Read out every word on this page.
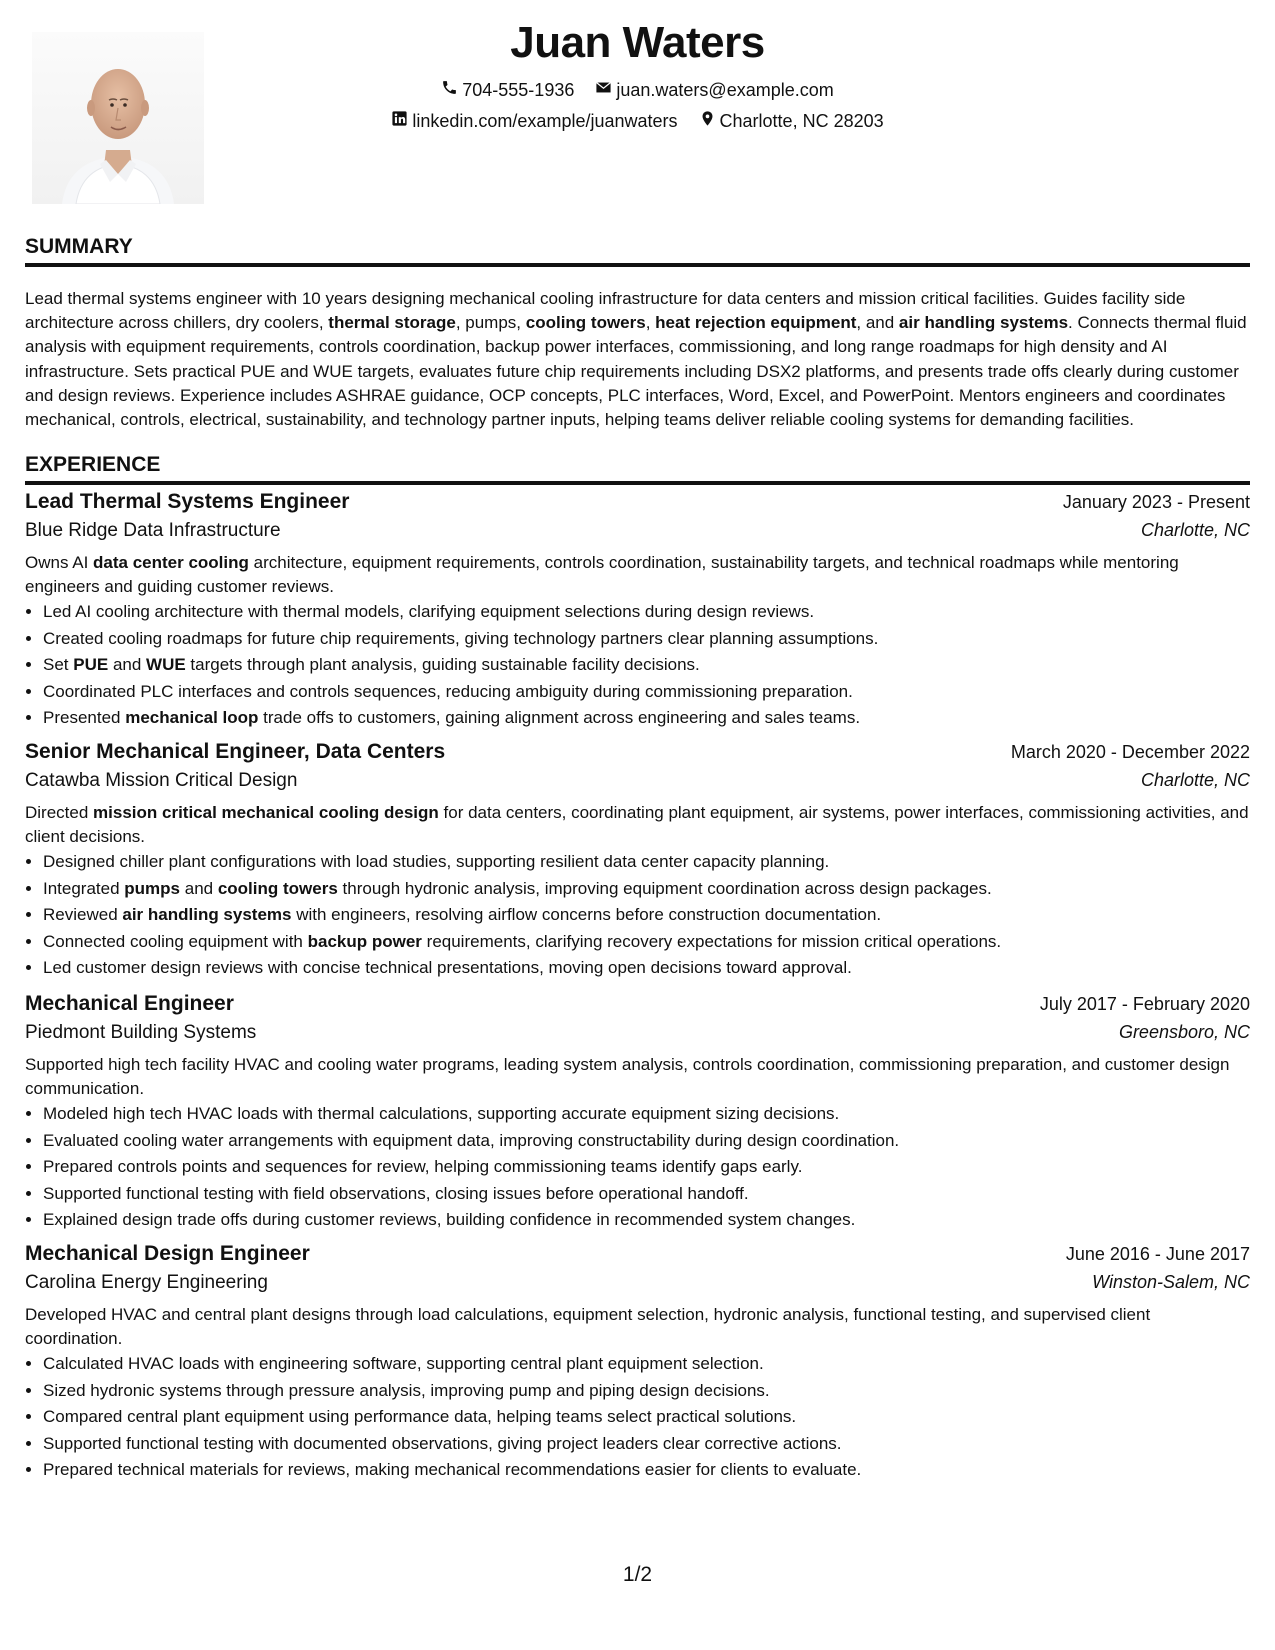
Juan Waters
704-555-1936
juan.waters@example.com
linkedin.com/example/juanwaters
Charlotte, NC 28203
SUMMARY

Lead thermal systems engineer with 10 years designing mechanical cooling infrastructure for data centers and mission critical facilities. Guides facility side architecture across chillers, dry coolers, thermal storage, pumps, cooling towers, heat rejection equipment, and air handling systems. Connects thermal fluid analysis with equipment requirements, controls coordination, backup power interfaces, commissioning, and long range roadmaps for high density and AI infrastructure. Sets practical PUE and WUE targets, evaluates future chip requirements including DSX2 platforms, and presents trade offs clearly during customer and design reviews. Experience includes ASHRAE guidance, OCP concepts, PLC interfaces, Word, Excel, and PowerPoint. Mentors engineers and coordinates mechanical, controls, electrical, sustainability, and technology partner inputs, helping teams deliver reliable cooling systems for demanding facilities.

EXPERIENCE
Lead Thermal Systems Engineer	January 2023 - Present
Blue Ridge Data Infrastructure	Charlotte, NC
Owns AI data center cooling architecture, equipment requirements, controls coordination, sustainability targets, and technical roadmaps while mentoring engineers and guiding customer reviews.
• Led AI cooling architecture with thermal models, clarifying equipment selections during design reviews.
• Created cooling roadmaps for future chip requirements, giving technology partners clear planning assumptions.
• Set PUE and WUE targets through plant analysis, guiding sustainable facility decisions.
• Coordinated PLC interfaces and controls sequences, reducing ambiguity during commissioning preparation.
• Presented mechanical loop trade offs to customers, gaining alignment across engineering and sales teams.
Senior Mechanical Engineer, Data Centers	March 2020 - December 2022
Catawba Mission Critical Design	Charlotte, NC
Directed mission critical mechanical cooling design for data centers, coordinating plant equipment, air systems, power interfaces, commissioning activities, and client decisions.
• Designed chiller plant configurations with load studies, supporting resilient data center capacity planning.
• Integrated pumps and cooling towers through hydronic analysis, improving equipment coordination across design packages.
• Reviewed air handling systems with engineers, resolving airflow concerns before construction documentation.
• Connected cooling equipment with backup power requirements, clarifying recovery expectations for mission critical operations.
• Led customer design reviews with concise technical presentations, moving open decisions toward approval.
Mechanical Engineer	July 2017 - February 2020
Piedmont Building Systems	Greensboro, NC
Supported high tech facility HVAC and cooling water programs, leading system analysis, controls coordination, commissioning preparation, and customer design communication.
• Modeled high tech HVAC loads with thermal calculations, supporting accurate equipment sizing decisions.
• Evaluated cooling water arrangements with equipment data, improving constructability during design coordination.
• Prepared controls points and sequences for review, helping commissioning teams identify gaps early.
• Supported functional testing with field observations, closing issues before operational handoff.
• Explained design trade offs during customer reviews, building confidence in recommended system changes.
Mechanical Design Engineer	June 2016 - June 2017
Carolina Energy Engineering	Winston-Salem, NC
Developed HVAC and central plant designs through load calculations, equipment selection, hydronic analysis, functional testing, and supervised client coordination.
• Calculated HVAC loads with engineering software, supporting central plant equipment selection.
• Sized hydronic systems through pressure analysis, improving pump and piping design decisions.
• Compared central plant equipment using performance data, helping teams select practical solutions.
• Supported functional testing with documented observations, giving project leaders clear corrective actions.
• Prepared technical materials for reviews, making mechanical recommendations easier for clients to evaluate.
1/2
